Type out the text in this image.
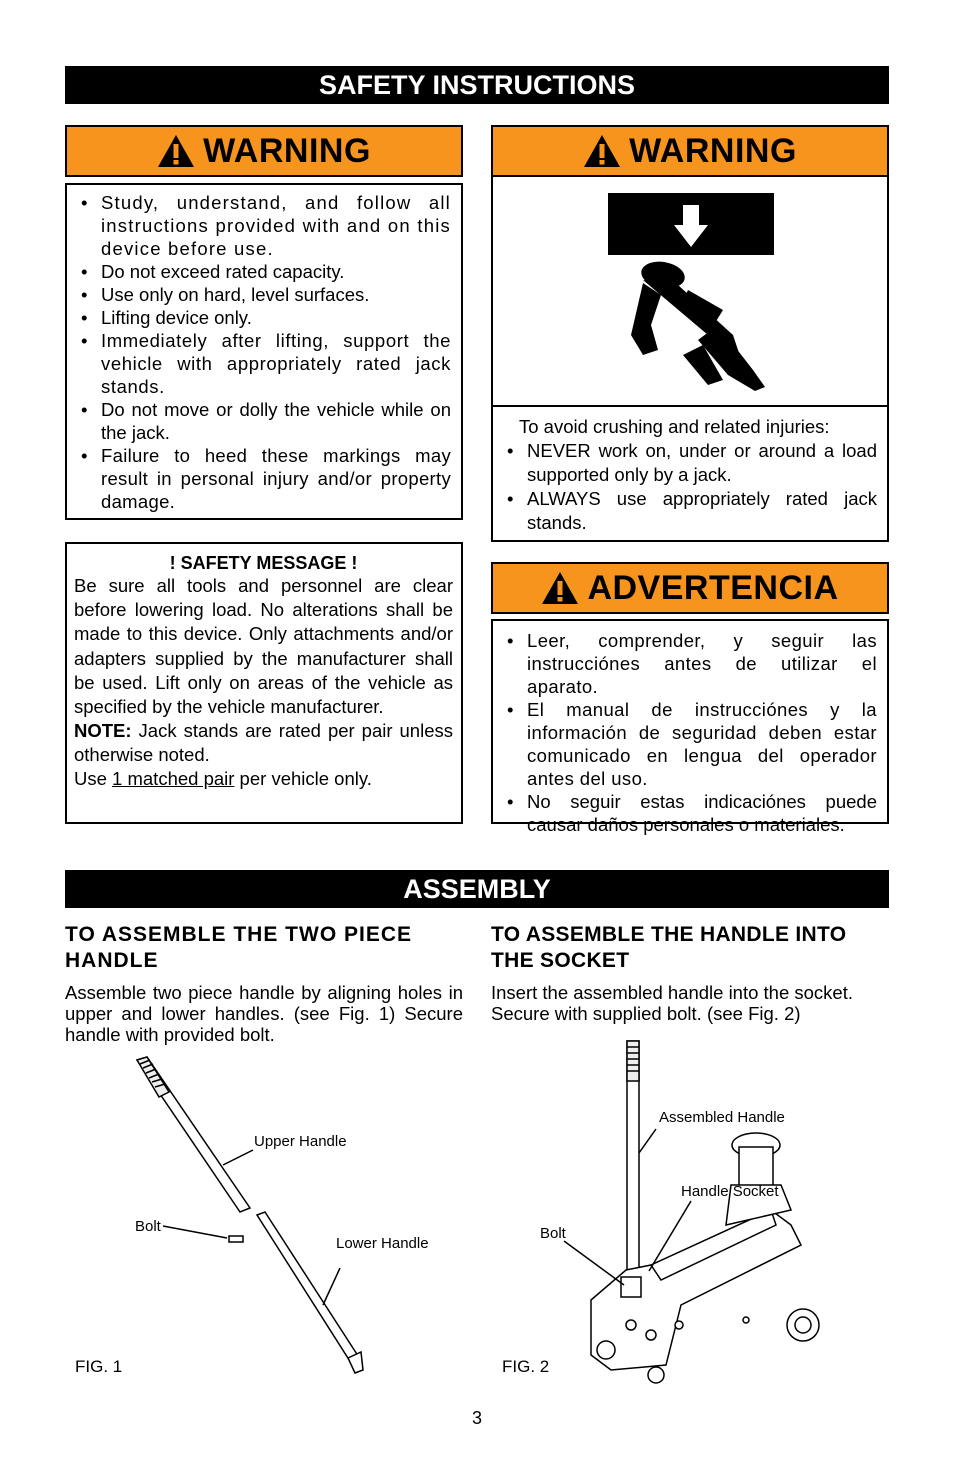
SAFETY INSTRUCTIONS
WARNING
• Study, understand, and follow all instructions provided with and on this device before use.
• Do not exceed rated capacity.
• Use only on hard, level surfaces.
• Lifting device only.
• Immediately after lifting, support the vehicle with appropriately rated jack stands.
• Do not move or dolly the vehicle while on the jack.
• Failure to heed these markings may result in personal injury and/or property damage.
! SAFETY MESSAGE !
Be sure all tools and personnel are clear before lowering load. No alterations shall be made to this device. Only attachments and/or adapters supplied by the manufacturer shall be used. Lift only on areas of the vehicle as specified by the vehicle manufacturer.
NOTE: Jack stands are rated per pair unless otherwise noted.
Use 1 matched pair per vehicle only.
WARNING
To avoid crushing and related injuries:
• NEVER work on, under or around a load supported only by a jack.
• ALWAYS use appropriately rated jack stands.
ADVERTENCIA
• Leer, comprender, y seguir las instrucciónes antes de utilizar el aparato.
• El manual de instrucciónes y la información de seguridad deben estar comunicado en lengua del operador antes del uso.
• No seguir estas indicaciónes puede causar daños personales o materiales.
ASSEMBLY
TO ASSEMBLE THE TWO PIECE HANDLE
Assemble two piece handle by aligning holes in upper and lower handles. (see Fig. 1) Secure handle with provided bolt.
TO ASSEMBLE THE HANDLE INTO THE SOCKET
Insert the assembled handle into the socket. Secure with supplied bolt. (see Fig. 2)
Upper Handle
Bolt
Lower Handle
FIG. 1
Assembled Handle
Handle Socket
Bolt
FIG. 2
3
